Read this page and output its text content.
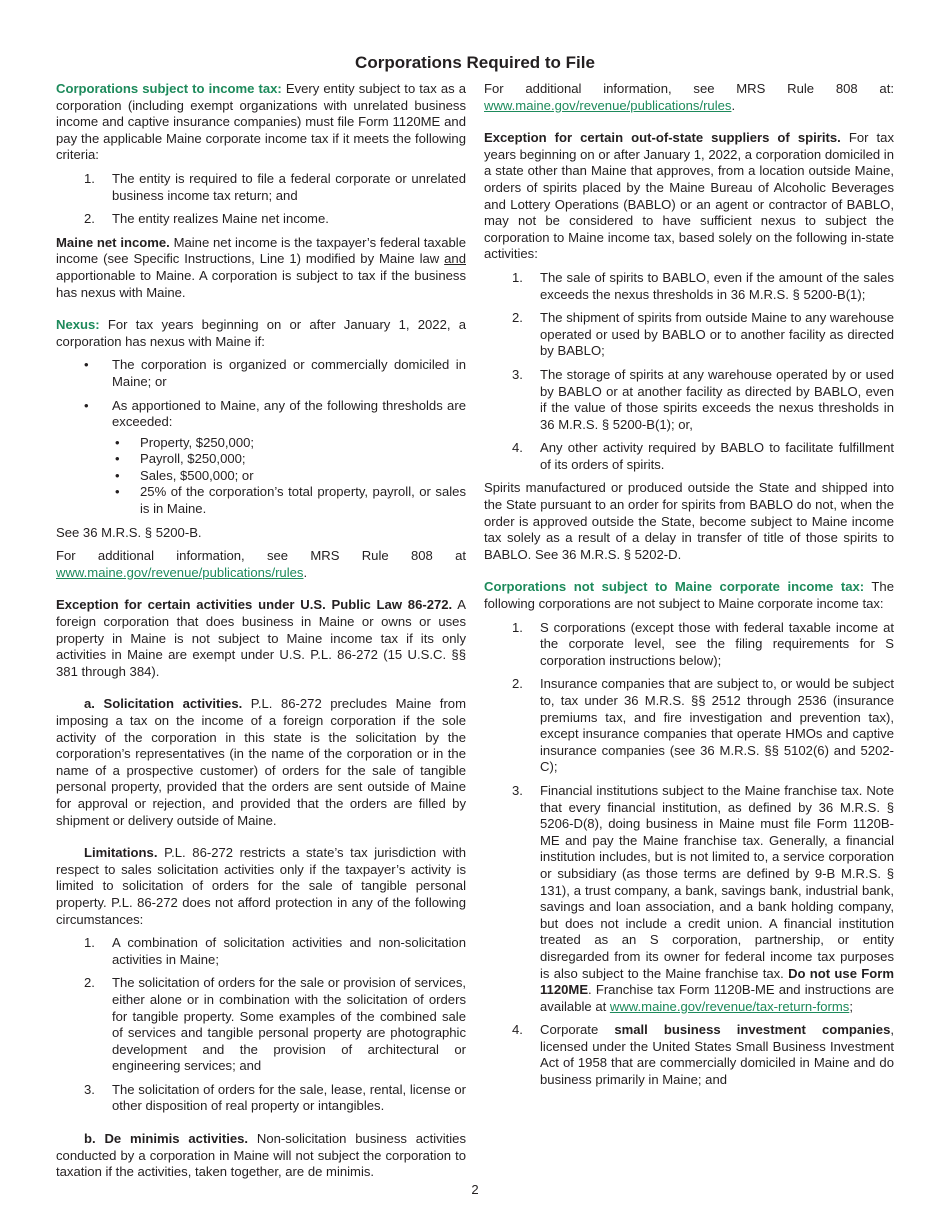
Corporations Required to File

Corporations subject to income tax: Every entity subject to tax as a corporation (including exempt organizations with unrelated business income and captive insurance companies) must file Form 1120ME and pay the applicable Maine corporate income tax if it meets the following criteria:

1. The entity is required to file a federal corporate or unrelated business income tax return; and
2. The entity realizes Maine net income.

Maine net income. Maine net income is the taxpayer’s federal taxable income (see Specific Instructions, Line 1) modified by Maine law and apportionable to Maine. A corporation is subject to tax if the business has nexus with Maine.

Nexus: For tax years beginning on or after January 1, 2022, a corporation has nexus with Maine if:

• The corporation is organized or commercially domiciled in Maine; or
• As apportioned to Maine, any of the following thresholds are exceeded:
• Property, $250,000;
• Payroll, $250,000;
• Sales, $500,000; or
• 25% of the corporation’s total property, payroll, or sales is in Maine.

See 36 M.R.S. § 5200-B.

For additional information, see MRS Rule 808 at www.maine.gov/revenue/publications/rules.

Exception for certain activities under U.S. Public Law 86-272. A foreign corporation that does business in Maine or owns or uses property in Maine is not subject to Maine income tax if its only activities in Maine are exempt under U.S. P.L. 86-272 (15 U.S.C. §§ 381 through 384).

a. Solicitation activities. P.L. 86-272 precludes Maine from imposing a tax on the income of a foreign corporation if the sole activity of the corporation in this state is the solicitation by the corporation’s representatives (in the name of the corporation or in the name of a prospective customer) of orders for the sale of tangible personal property, provided that the orders are sent outside of Maine for approval or rejection, and provided that the orders are filled by shipment or delivery outside of Maine.

Limitations. P.L. 86-272 restricts a state’s tax jurisdiction with respect to sales solicitation activities only if the taxpayer’s activity is limited to solicitation of orders for the sale of tangible personal property. P.L. 86-272 does not afford protection in any of the following circumstances:

1. A combination of solicitation activities and non-solicitation activities in Maine;
2. The solicitation of orders for the sale or provision of services, either alone or in combination with the solicitation of orders for tangible property. Some examples of the combined sale of services and tangible personal property are photographic development and the provision of architectural or engineering services; and
3. The solicitation of orders for the sale, lease, rental, license or other disposition of real property or intangibles.

b. De minimis activities. Non-solicitation business activities conducted by a corporation in Maine will not subject the corporation to taxation if the activities, taken together, are de minimis.

For additional information, see MRS Rule 808 at: www.maine.gov/revenue/publications/rules.

Exception for certain out-of-state suppliers of spirits. For tax years beginning on or after January 1, 2022, a corporation domiciled in a state other than Maine that approves, from a location outside Maine, orders of spirits placed by the Maine Bureau of Alcoholic Beverages and Lottery Operations (BABLO) or an agent or contractor of BABLO, may not be considered to have sufficient nexus to subject the corporation to Maine income tax, based solely on the following in-state activities:

1. The sale of spirits to BABLO, even if the amount of the sales exceeds the nexus thresholds in 36 M.R.S. § 5200-B(1);
2. The shipment of spirits from outside Maine to any warehouse operated or used by BABLO or to another facility as directed by BABLO;
3. The storage of spirits at any warehouse operated by or used by BABLO or at another facility as directed by BABLO, even if the value of those spirits exceeds the nexus thresholds in 36 M.R.S. § 5200-B(1); or,
4. Any other activity required by BABLO to facilitate fulfillment of its orders of spirits.

Spirits manufactured or produced outside the State and shipped into the State pursuant to an order for spirits from BABLO do not, when the order is approved outside the State, become subject to Maine income tax solely as a result of a delay in transfer of title of those spirits to BABLO. See 36 M.R.S. § 5202-D.

Corporations not subject to Maine corporate income tax: The following corporations are not subject to Maine corporate income tax:

1. S corporations (except those with federal taxable income at the corporate level, see the filing requirements for S corporation instructions below);
2. Insurance companies that are subject to, or would be subject to, tax under 36 M.R.S. §§ 2512 through 2536 (insurance premiums tax, and fire investigation and prevention tax), except insurance companies that operate HMOs and captive insurance companies (see 36 M.R.S. §§ 5102(6) and 5202-C);
3. Financial institutions subject to the Maine franchise tax. Note that every financial institution, as defined by 36 M.R.S. § 5206-D(8), doing business in Maine must file Form 1120B-ME and pay the Maine franchise tax. Generally, a financial institution includes, but is not limited to, a service corporation or subsidiary (as those terms are defined by 9-B M.R.S. § 131), a trust company, a bank, savings bank, industrial bank, savings and loan association, and a bank holding company, but does not include a credit union. A financial institution treated as an S corporation, partnership, or entity disregarded from its owner for federal income tax purposes is also subject to the Maine franchise tax. Do not use Form 1120ME. Franchise tax Form 1120B-ME and instructions are available at www.maine.gov/revenue/tax-return-forms;
4. Corporate small business investment companies, licensed under the United States Small Business Investment Act of 1958 that are commercially domiciled in Maine and do business primarily in Maine; and
2
